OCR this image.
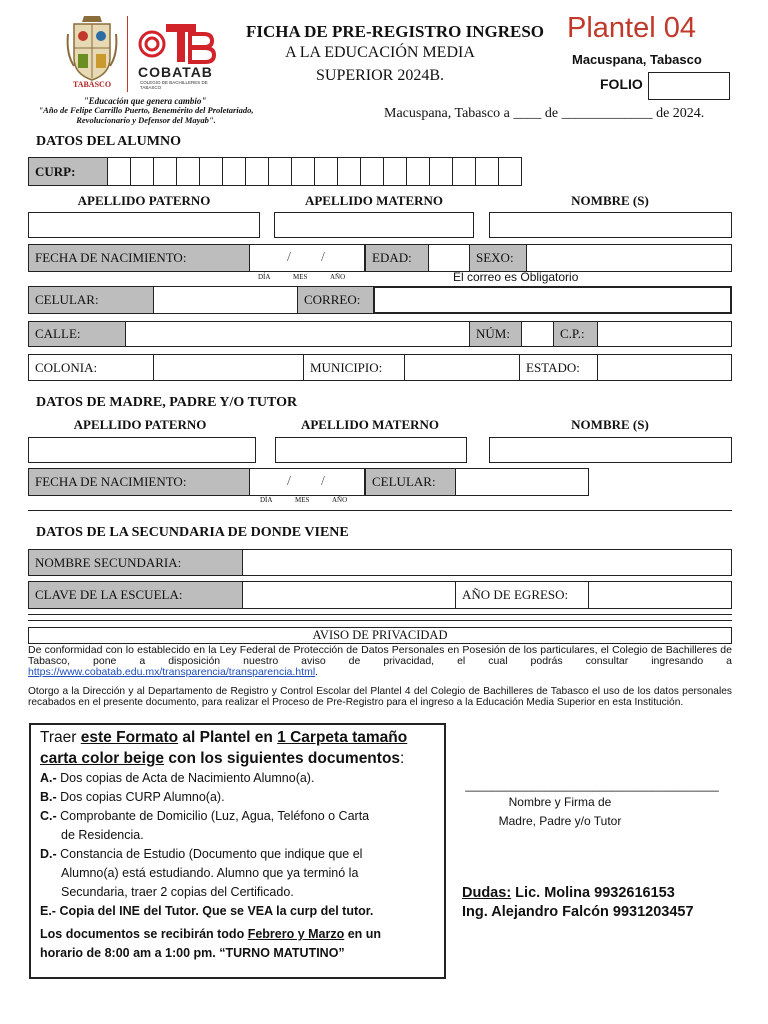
TABASCO
COBATAB
COLEGIO DE BACHILLERES DE TABASCO
"Educación que genera cambio"
"Año de Felipe Carrillo Puerto, Benemérito del Proletariado,
Revolucionario y Defensor del Mayab".
FICHA DE PRE-REGISTRO INGRESO
A LA EDUCACIÓN MEDIA
SUPERIOR 2024B.
Plantel 04
Macuspana, Tabasco
FOLIO
Macuspana, Tabasco a ____ de _____________ de 2024.
DATOS DEL ALUMNO
CURP:
APELLIDO PATERNO	APELLIDO MATERNO	NOMBRE (S)
FECHA DE NACIMIENTO:	/ /	EDAD:	SEXO:
DÍA	MES	AÑO	El correo es Obligatorio
CELULAR:	CORREO:
CALLE:	NÚM:	C.P.:
COLONIA:	MUNICIPIO:	ESTADO:
DATOS DE MADRE, PADRE Y/O TUTOR
APELLIDO PATERNO	APELLIDO MATERNO	NOMBRE (S)
FECHA DE NACIMIENTO:	/ /	CELULAR:
DÍA	MES	AÑO
DATOS DE LA SECUNDARIA DE DONDE VIENE
NOMBRE SECUNDARIA:
CLAVE DE LA ESCUELA:	AÑO DE EGRESO:
AVISO DE PRIVACIDAD
De conformidad con lo establecido en la Ley Federal de Protección de Datos Personales en Posesión de los particulares, el Colegio de Bachilleres de Tabasco, pone a disposición nuestro aviso de privacidad, el cual podrás consultar ingresando a https://www.cobatab.edu.mx/transparencia/transparencia.html.
Otorgo a la Dirección y al Departamento de Registro y Control Escolar del Plantel 4 del Colegio de Bachilleres de Tabasco el uso de los datos personales recabados en el presente documento, para realizar el Proceso de Pre-Registro para el ingreso a la Educación Media Superior en esta Institución.
Traer este Formato al Plantel en 1 Carpeta tamaño
carta color beige con los siguientes documentos:
A.- Dos copias de Acta de Nacimiento Alumno(a).
B.- Dos copias CURP Alumno(a).
C.- Comprobante de Domicilio (Luz, Agua, Teléfono o Carta
de Residencia.
D.- Constancia de Estudio (Documento que indique que el
Alumno(a) está estudiando. Alumno que ya terminó la
Secundaria, traer 2 copias del Certificado.
E.- Copia del INE del Tutor. Que se VEA la curp del tutor.
Los documentos se recibirán todo Febrero y Marzo en un
horario de 8:00 am a 1:00 pm. “TURNO MATUTINO”
______________________________________
Nombre y Firma de
Madre, Padre y/o Tutor
Dudas: Lic. Molina 9932616153
Ing. Alejandro Falcón 9931203457
